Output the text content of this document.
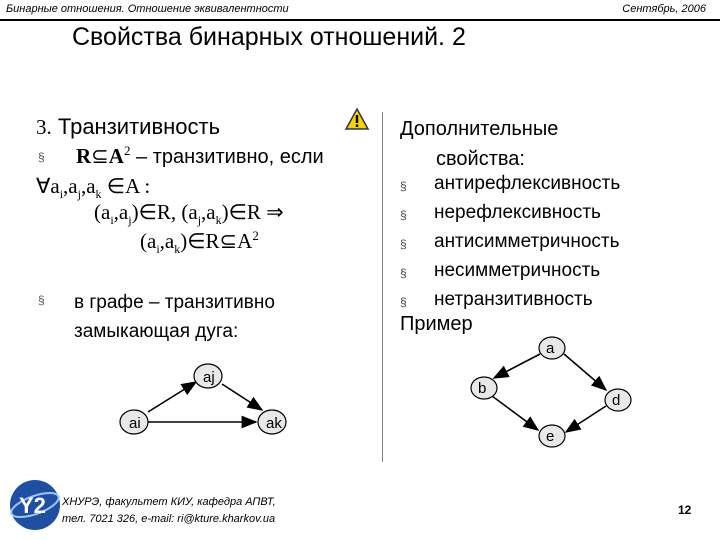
Бинарные отношения. Отношение эквивалентности	Сентябрь, 2006
Свойства бинарных отношений. 2
3. Транзитивность
§ $R⊆A^2$ – транзитивно, если
$\forall a_i,a_j,a_k$ ∈A :
$(a_i,a_j)\in R$, $(a_j,a_k)\in R$ ⇒
$(a_i,a_k)\in R⊆A^2$
§ в графе – транзитивно замыкающая дуга:
aj
ai	ak
Дополнительные
свойства:
§ антирефлексивность
§ нерефлексивность
§ антисимметричность
§ несимметричность
§ нетранзитивность
Пример
a
b
d
e
Y2 ХНУРЭ, факультет КИУ, кафедра АПВТ,
тел. 7021 326, e-mail: ri@kture.kharkov.ua
12
